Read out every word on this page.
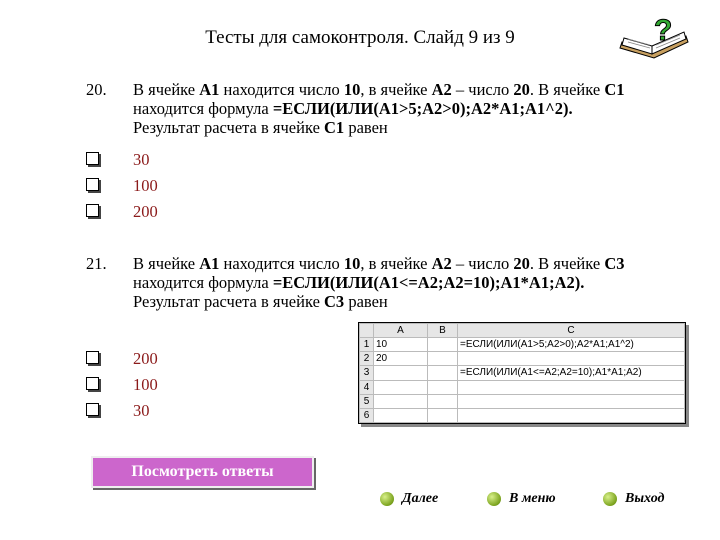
Тесты для самоконтроля. Слайд 9 из 9	?
20. В ячейке А1 находится число 10, в ячейке А2 – число 20. В ячейке С1
находится формула =ЕСЛИ(ИЛИ(А1>5;А2>0);А2*А1;А1^2).
Результат расчета в ячейке С1 равен
30
100
200
21. В ячейке А1 находится число 10, в ячейке А2 – число 20. В ячейке С3
находится формула =ЕСЛИ(ИЛИ(А1<=А2;А2=10);А1*А1;А2).
Результат расчета в ячейке С3 равен
200
100
30
	A	B	C
1	10		=ЕСЛИ(ИЛИ(А1>5;А2>0);А2*А1;А1^2)
2	20		
3			=ЕСЛИ(ИЛИ(А1<=А2;А2=10);А1*А1;А2)
4			
5			
6			
Посмотреть ответы
Далее	В меню	Выход
